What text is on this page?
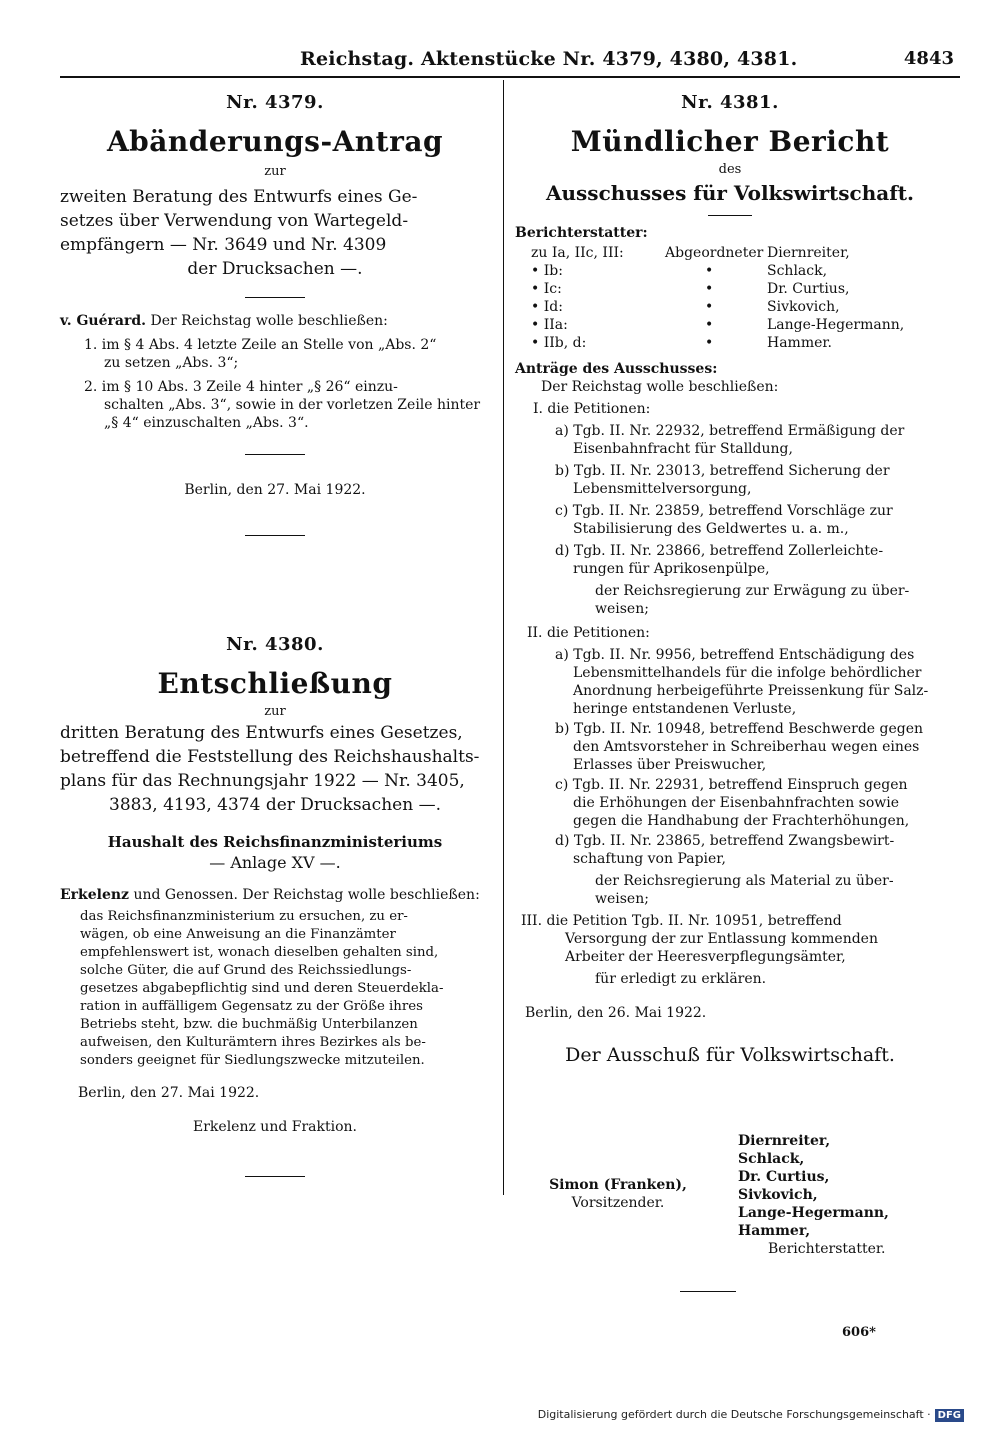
Reichstag. Aktenstücke Nr. 4379, 4380, 4381.	4843
Nr. 4379.
Abänderungs-Antrag
zur
zweiten Beratung des Entwurfs eines Ge-
setzes über Verwendung von Wartegeld-
empfängern — Nr. 3649 und Nr. 4309
der Drucksachen —.
v. Guérard. Der Reichstag wolle beschließen:
1. im § 4 Abs. 4 letzte Zeile an Stelle von „Abs. 2“
zu setzen „Abs. 3“;
2. im § 10 Abs. 3 Zeile 4 hinter „§ 26“ einzu-
schalten „Abs. 3“, sowie in der vorletzen Zeile hinter
„§ 4“ einzuschalten „Abs. 3“.
Berlin, den 27. Mai 1922.
Nr. 4380.
Entschließung
zur
dritten Beratung des Entwurfs eines Gesetzes,
betreffend die Feststellung des Reichshaushalts-
plans für das Rechnungsjahr 1922 — Nr. 3405,
3883, 4193, 4374 der Drucksachen —.
Haushalt des Reichsfinanzministeriums
— Anlage XV —.
Erkelenz und Genossen. Der Reichstag wolle beschließen:
das Reichsfinanzministerium zu ersuchen, zu er-
wägen, ob eine Anweisung an die Finanzämter
empfehlenswert ist, wonach dieselben gehalten sind,
solche Güter, die auf Grund des Reichssiedlungs-
gesetzes abgabepflichtig sind und deren Steuerdekla-
ration in auffälligem Gegensatz zu der Größe ihres
Betriebs steht, bzw. die buchmäßig Unterbilanzen
aufweisen, den Kulturämtern ihres Bezirkes als be-
sonders geeignet für Siedlungszwecke mitzuteilen.
Berlin, den 27. Mai 1922.
Erkelenz und Fraktion.
Nr. 4381.
Mündlicher Bericht
des
Ausschusses für Volkswirtschaft.
Berichterstatter:
zu Ia, IIc, III:	Abgeordneter Diernreiter,
• Ib:	•	Schlack,
• Ic:	•	Dr. Curtius,
• Id:	•	Sivkovich,
• IIa:	•	Lange-Hegermann,
• IIb, d:	•	Hammer.
Anträge des Ausschusses:
Der Reichstag wolle beschließen:
I. die Petitionen:
a) Tgb. II. Nr. 22932, betreffend Ermäßigung der
Eisenbahnfracht für Stalldung,
b) Tgb. II. Nr. 23013, betreffend Sicherung der
Lebensmittelversorgung,
c) Tgb. II. Nr. 23859, betreffend Vorschläge zur
Stabilisierung des Geldwertes u. a. m.,
d) Tgb. II. Nr. 23866, betreffend Zollerleichte-
rungen für Aprikosenpülpe,
der Reichsregierung zur Erwägung zu über-
weisen;
II. die Petitionen:
a) Tgb. II. Nr. 9956, betreffend Entschädigung des
Lebensmittelhandels für die infolge behördlicher
Anordnung herbeigeführte Preissenkung für Salz-
heringe entstandenen Verluste,
b) Tgb. II. Nr. 10948, betreffend Beschwerde gegen
den Amtsvorsteher in Schreiberhau wegen eines
Erlasses über Preiswucher,
c) Tgb. II. Nr. 22931, betreffend Einspruch gegen
die Erhöhungen der Eisenbahnfrachten sowie
gegen die Handhabung der Frachterhöhungen,
d) Tgb. II. Nr. 23865, betreffend Zwangsbewirt-
schaftung von Papier,
der Reichsregierung als Material zu über-
weisen;
III. die Petition Tgb. II. Nr. 10951, betreffend
Versorgung der zur Entlassung kommenden
Arbeiter der Heeresverpflegungsämter,
für erledigt zu erklären.
Berlin, den 26. Mai 1922.
Der Ausschuß für Volkswirtschaft.
Simon (Franken),
Vorsitzender.
Diernreiter,
Schlack,
Dr. Curtius,
Sivkovich,
Lange-Hegermann,
Hammer,
Berichterstatter.
606*
Digitalisierung gefördert durch die Deutsche Forschungsgemeinschaft · DFG
